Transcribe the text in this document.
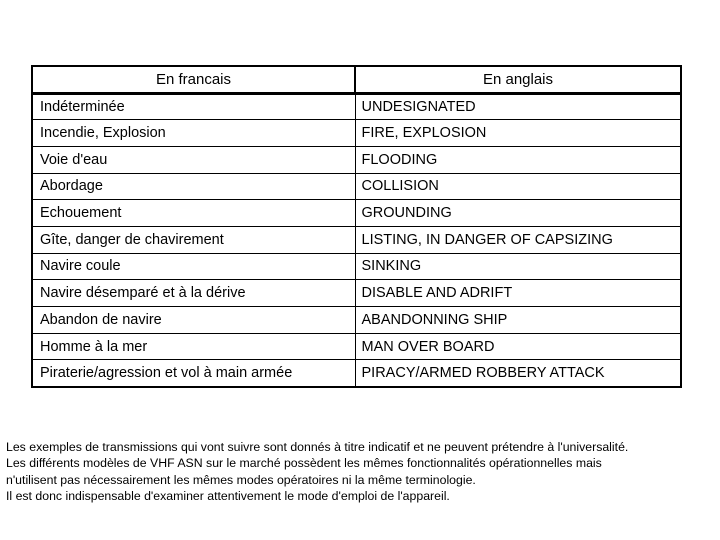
En francais	En anglais
Indéterminée	UNDESIGNATED
Incendie, Explosion	FIRE, EXPLOSION
Voie d'eau	FLOODING
Abordage	COLLISION
Echouement	GROUNDING
Gîte, danger de chavirement	LISTING, IN DANGER OF CAPSIZING
Navire coule	SINKING
Navire désemparé et à la dérive	DISABLE AND ADRIFT
Abandon de navire	ABANDONNING SHIP
Homme à la mer	MAN OVER BOARD
Piraterie/agression et vol à main armée	PIRACY/ARMED ROBBERY ATTACK
Les exemples de transmissions qui vont suivre sont donnés à titre indicatif et ne peuvent prétendre à l'universalité.
Les différents modèles de VHF ASN sur le marché possèdent les mêmes fonctionnalités opérationnelles mais
n'utilisent pas nécessairement les mêmes modes opératoires ni la même terminologie.
Il est donc indispensable d'examiner attentivement le mode d'emploi de l'appareil.
